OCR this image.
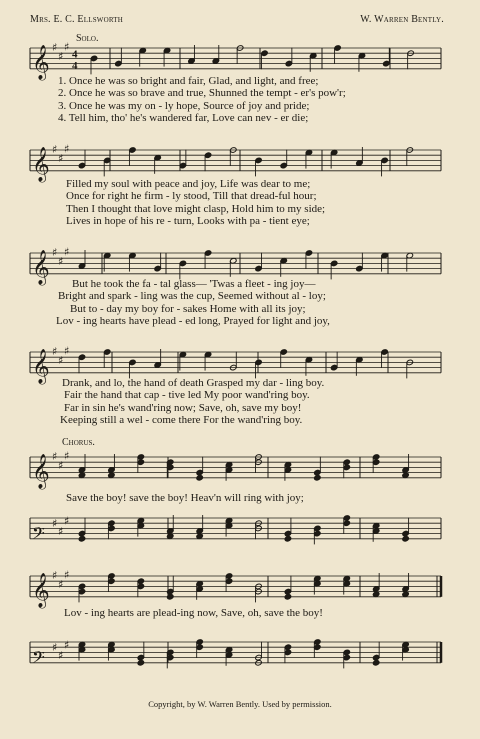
Mrs. E. C. Ellsworth	W. Warren Bently.
Solo.
𝄞 ♯
♯
♯
4
4
𝄞 ♯
♯
♯
𝄞 ♯
♯
♯
𝄞 ♯
♯
♯
𝄞 ♯
♯
♯
𝄢 ♯
♯
♯
𝄞 ♯
♯
♯
𝄢 ♯
♯
♯
1. Once he was so bright and fair, Glad, and light, and free;
2. Once he was so brave and true, Shunned the tempt - er's pow'r;
3. Once he was my on - ly hope, Source of joy and pride;
4. Tell him, tho' he's wandered far, Love can nev - er die;
Filled my soul with peace and joy, Life was dear to me;
Once for right he firm - ly stood, Till that dread-ful hour;
Then I thought that love might clasp, Hold him to my side;
Lives in hope of his re - turn, Looks with pa - tient eye;
But he took the fa - tal glass— 'Twas a fleet - ing joy—
Bright and spark - ling was the cup, Seemed without al - loy;
But to - day my boy for - sakes Home with all its joy;
Lov - ing hearts have plead - ed long, Prayed for light and joy,
Drank, and lo, the hand of death Grasped my dar - ling boy.
Fair the hand that cap - tive led My poor wand'ring boy.
Far in sin he's wand'ring now; Save, oh, save my boy!
Keeping still a wel - come there For the wand'ring boy.
Chorus.
Save the boy! save the boy! Heav'n will ring with joy;
Lov - ing hearts are plead-ing now, Save, oh, save the boy!
Copyright, by W. Warren Bently. Used by permission.
